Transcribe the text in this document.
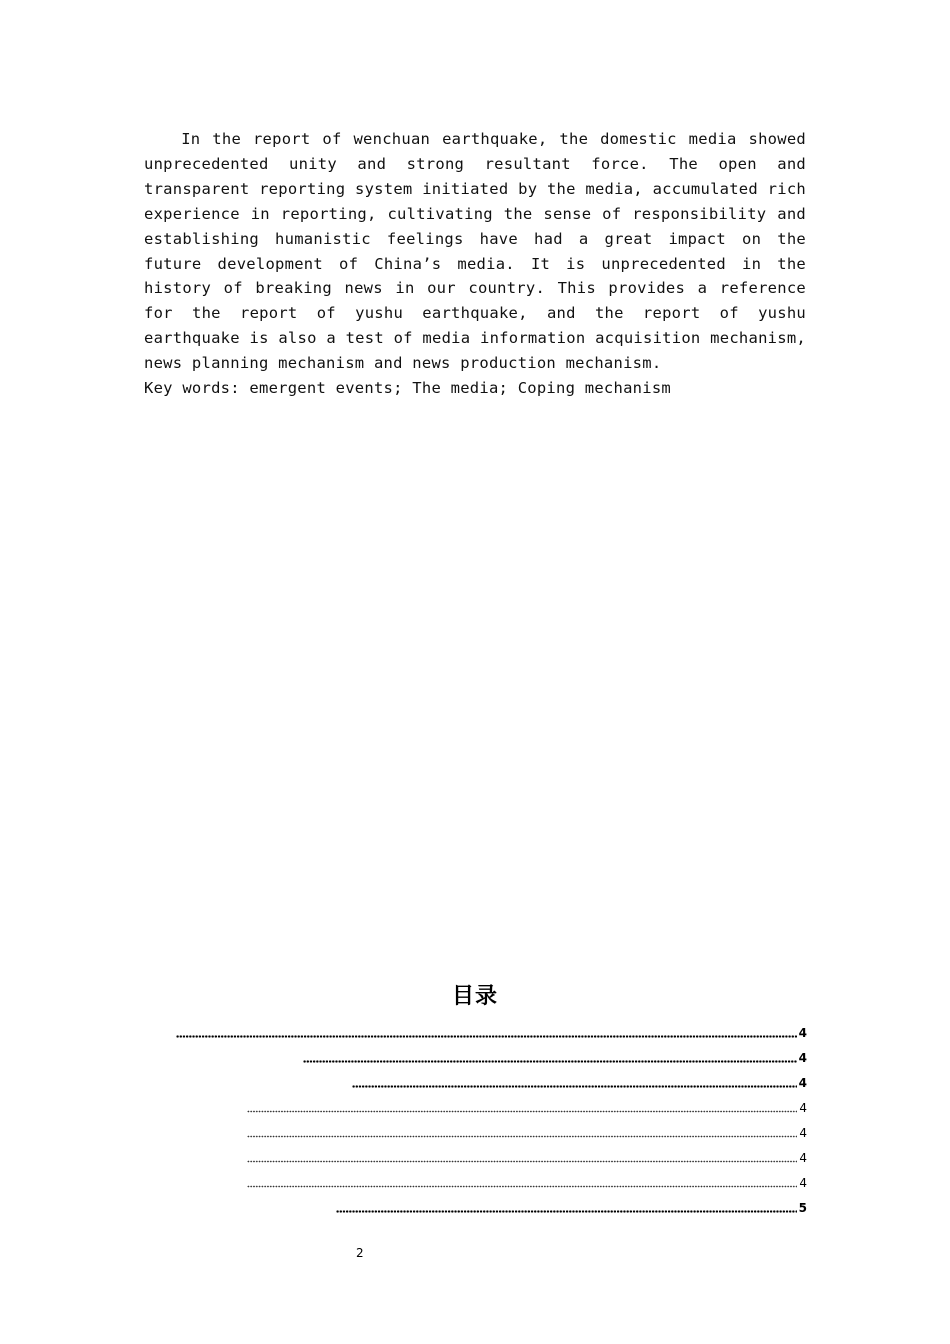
In the report of wenchuan earthquake, the domestic media showed unprecedented unity and strong resultant force. The open and transparent reporting system initiated by the media, accumulated rich experience in reporting, cultivating the sense of responsibility and establishing humanistic feelings have had a great impact on the future development of China’s media. It is unprecedented in the history of breaking news in our country. This provides a reference for the report of yushu earthquake, and the report of yushu earthquake is also a test of media information acquisition mechanism, news planning mechanism and news production mechanism.

Key words: emergent events; The media; Coping mechanism
目录
4
4
4
4
4
4
4
5
2
